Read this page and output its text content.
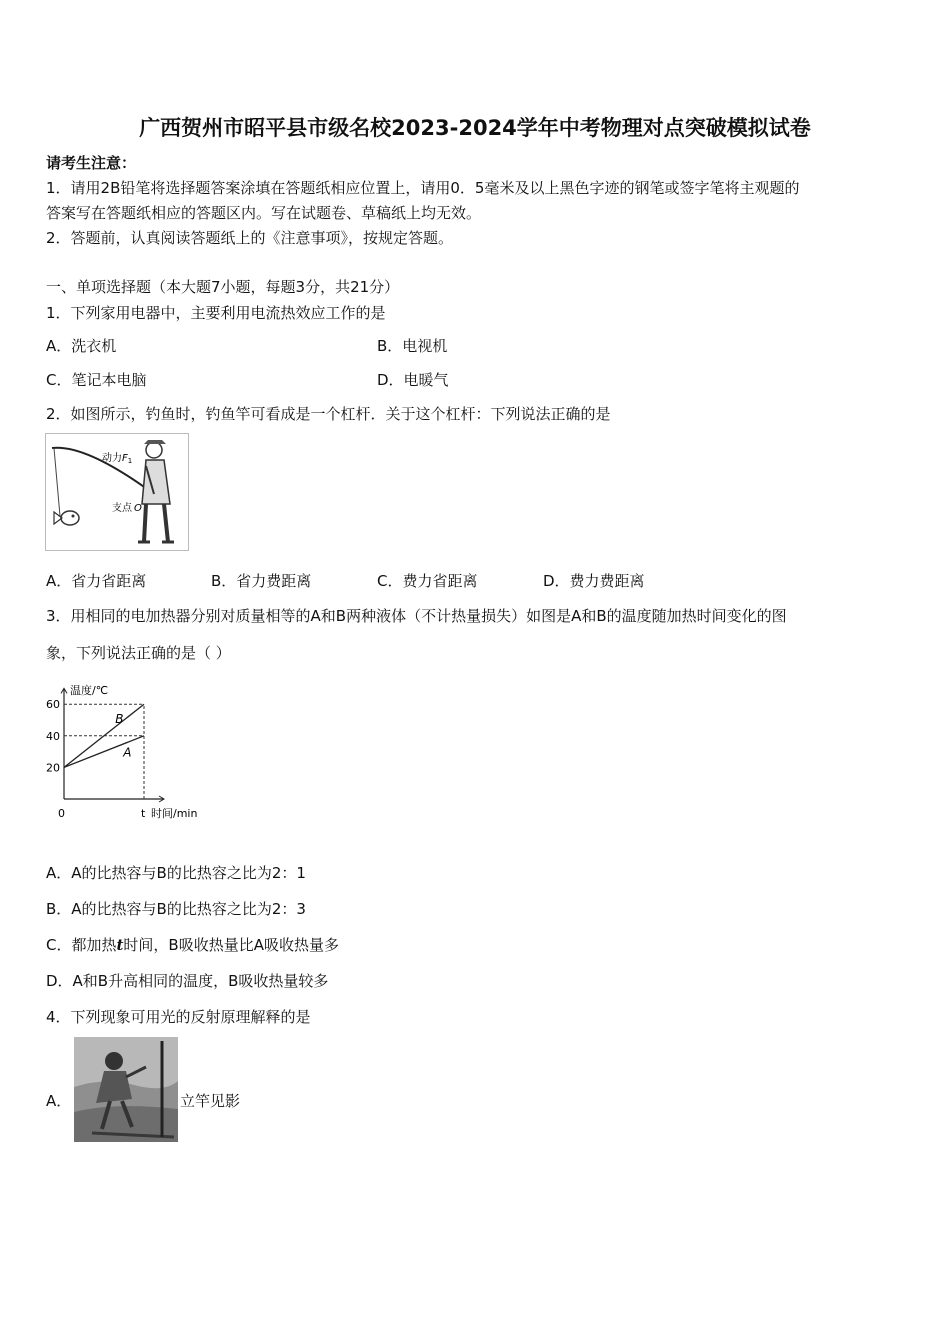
广西贺州市昭平县市级名校2023-2024学年中考物理对点突破模拟试卷
请考生注意：
1．请用2B铅笔将选择题答案涂填在答题纸相应位置上，请用0．5毫米及以上黑色字迹的钢笔或签字笔将主观题的
答案写在答题纸相应的答题区内。写在试题卷、草稿纸上均无效。
2．答题前，认真阅读答题纸上的《注意事项》，按规定答题。
一、单项选择题（本大题7小题，每题3分，共21分）
1．下列家用电器中，主要利用电流热效应工作的是
A．洗衣机	B．电视机
C．笔记本电脑	D．电暖气
2．如图所示，钓鱼时，钓鱼竿可看成是一个杠杆．关于这个杠杆：下列说法正确的是
动力$F_1$
支点 O
A．省力省距离	B．省力费距离	C．费力省距离	D．费力费距离
3．用相同的电加热器分别对质量相等的A和B两种液体（不计热量损失）如图是A和B的温度随加热时间变化的图
象，下列说法正确的是（ ）
20
40
60
B
A
温度/℃
0	t 时间/min
A．A的比热容与B的比热容之比为2：1
B．A的比热容与B的比热容之比为2：3
C．都加热t时间，B吸收热量比A吸收热量多
D．A和B升高相同的温度，B吸收热量较多
4．下列现象可用光的反射原理解释的是
A．	立竿见影
